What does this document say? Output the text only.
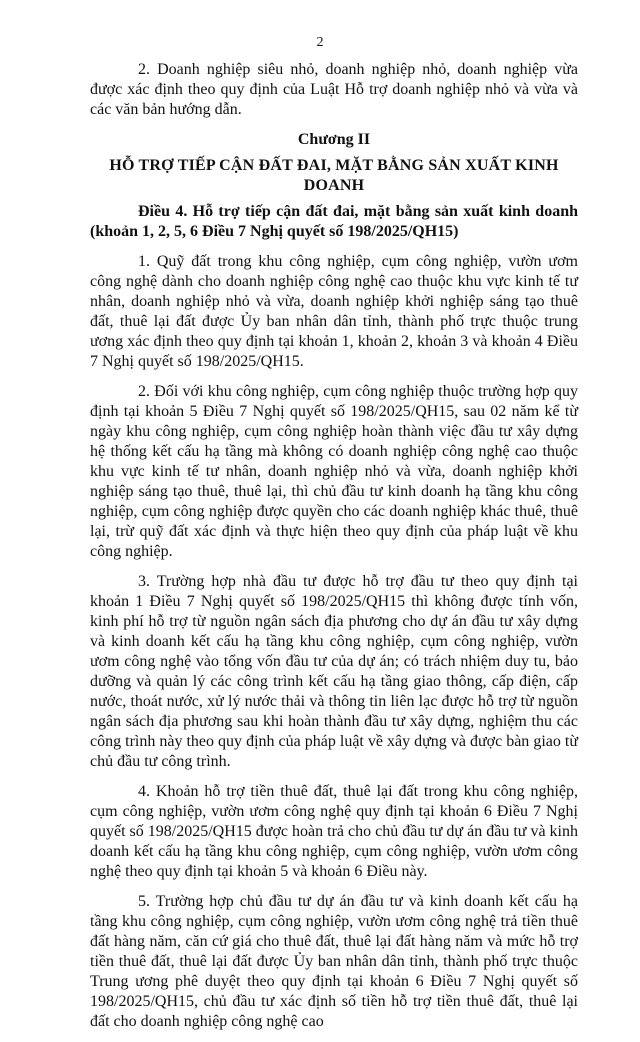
2

2. Doanh nghiệp siêu nhỏ, doanh nghiệp nhỏ, doanh nghiệp vừa được xác định theo quy định của Luật Hỗ trợ doanh nghiệp nhỏ và vừa và các văn bản hướng dẫn.

Chương II

HỖ TRỢ TIẾP CẬN ĐẤT ĐAI, MẶT BẰNG SẢN XUẤT KINH DOANH

Điều 4. Hỗ trợ tiếp cận đất đai, mặt bằng sản xuất kinh doanh (khoản 1, 2, 5, 6 Điều 7 Nghị quyết số 198/2025/QH15)

1. Quỹ đất trong khu công nghiệp, cụm công nghiệp, vườn ươm công nghệ dành cho doanh nghiệp công nghệ cao thuộc khu vực kinh tế tư nhân, doanh nghiệp nhỏ và vừa, doanh nghiệp khởi nghiệp sáng tạo thuê đất, thuê lại đất được Ủy ban nhân dân tỉnh, thành phố trực thuộc trung ương xác định theo quy định tại khoản 1, khoản 2, khoản 3 và khoản 4 Điều 7 Nghị quyết số 198/2025/QH15.

2. Đối với khu công nghiệp, cụm công nghiệp thuộc trường hợp quy định tại khoản 5 Điều 7 Nghị quyết số 198/2025/QH15, sau 02 năm kể từ ngày khu công nghiệp, cụm công nghiệp hoàn thành việc đầu tư xây dựng hệ thống kết cấu hạ tầng mà không có doanh nghiệp công nghệ cao thuộc khu vực kinh tế tư nhân, doanh nghiệp nhỏ và vừa, doanh nghiệp khởi nghiệp sáng tạo thuê, thuê lại, thì chủ đầu tư kinh doanh hạ tầng khu công nghiệp, cụm công nghiệp được quyền cho các doanh nghiệp khác thuê, thuê lại, trừ quỹ đất xác định và thực hiện theo quy định của pháp luật về khu công nghiệp.

3. Trường hợp nhà đầu tư được hỗ trợ đầu tư theo quy định tại khoản 1 Điều 7 Nghị quyết số 198/2025/QH15 thì không được tính vốn, kinh phí hỗ trợ từ nguồn ngân sách địa phương cho dự án đầu tư xây dựng và kinh doanh kết cấu hạ tầng khu công nghiệp, cụm công nghiệp, vườn ươm công nghệ vào tổng vốn đầu tư của dự án; có trách nhiệm duy tu, bảo dưỡng và quản lý các công trình kết cấu hạ tầng giao thông, cấp điện, cấp nước, thoát nước, xử lý nước thải và thông tin liên lạc được hỗ trợ từ nguồn ngân sách địa phương sau khi hoàn thành đầu tư xây dựng, nghiệm thu các công trình này theo quy định của pháp luật về xây dựng và được bàn giao từ chủ đầu tư công trình.

4. Khoản hỗ trợ tiền thuê đất, thuê lại đất trong khu công nghiệp, cụm công nghiệp, vườn ươm công nghệ quy định tại khoản 6 Điều 7 Nghị quyết số 198/2025/QH15 được hoàn trả cho chủ đầu tư dự án đầu tư và kinh doanh kết cấu hạ tầng khu công nghiệp, cụm công nghiệp, vườn ươm công nghệ theo quy định tại khoản 5 và khoản 6 Điều này.

5. Trường hợp chủ đầu tư dự án đầu tư và kinh doanh kết cấu hạ tầng khu công nghiệp, cụm công nghiệp, vườn ươm công nghệ trả tiền thuê đất hàng năm, căn cứ giá cho thuê đất, thuê lại đất hàng năm và mức hỗ trợ tiền thuê đất, thuê lại đất được Ủy ban nhân dân tỉnh, thành phố trực thuộc Trung ương phê duyệt theo quy định tại khoản 6 Điều 7 Nghị quyết số 198/2025/QH15, chủ đầu tư xác định số tiền hỗ trợ tiền thuê đất, thuê lại đất cho doanh nghiệp công nghệ cao
